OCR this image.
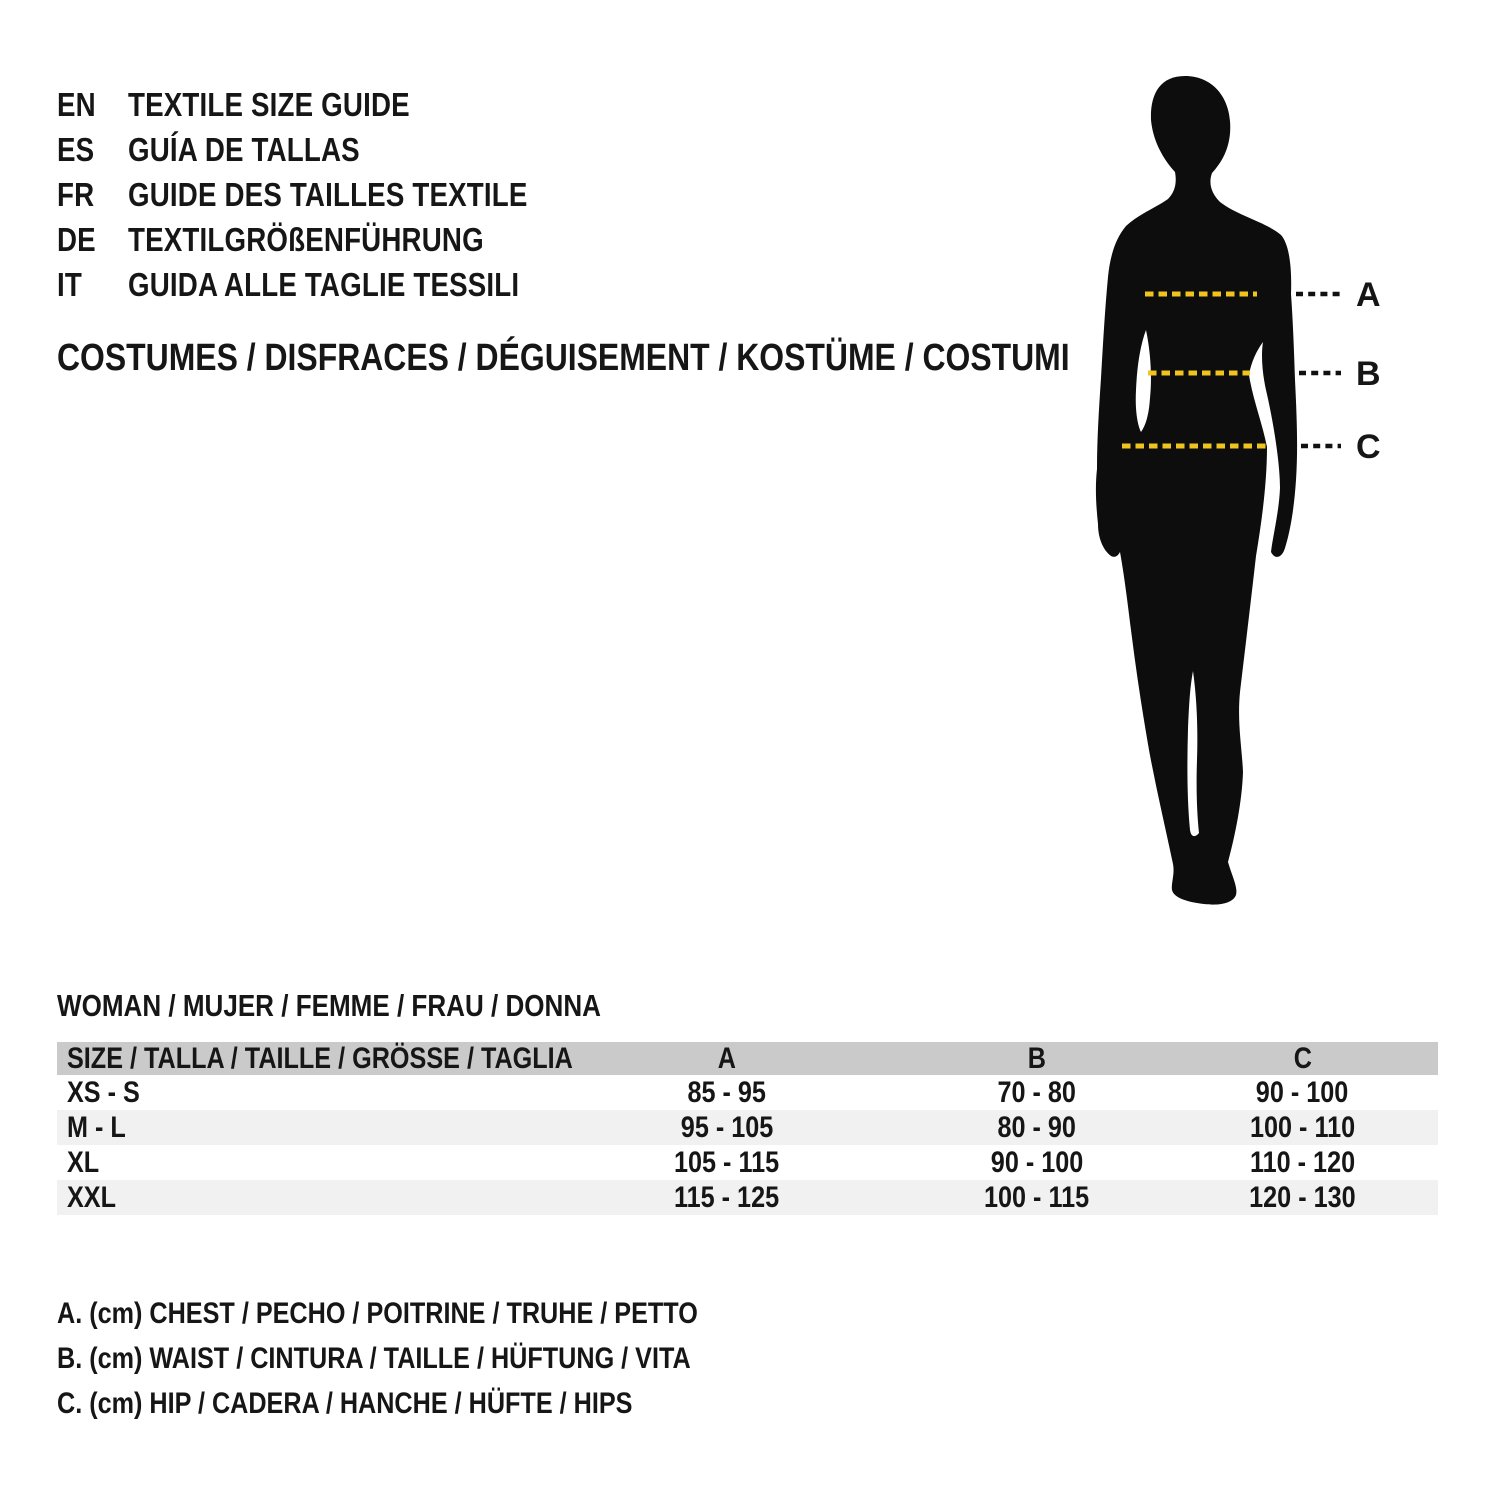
EN TEXTILE SIZE GUIDE
ES	GUÍA DE TALLAS
FR	GUIDE DES TAILLES TEXTILE
DE TEXTILGRÖßENFÜHRUNG
IT	GUIDA ALLE TAGLIE TESSILI
COSTUMES / DISFRACES / DÉGUISEMENT / KOSTÜME / COSTUMI
A
B
C
WOMAN / MUJER / FEMME / FRAU / DONNA
SIZE / TALLA / TAILLE / GRÖSSE / TAGLIA	A	B	C
XS - S	85 - 95	70 - 80	90 - 100
M - L	95 - 105	80 - 90	100 - 110
XL	105 - 115	90 - 100	110 - 120
XXL	115 - 125	100 - 115	120 - 130
A. (cm) CHEST / PECHO / POITRINE / TRUHE / PETTO
B. (cm) WAIST / CINTURA / TAILLE / HÜFTUNG / VITA
C. (cm) HIP / CADERA / HANCHE / HÜFTE / HIPS
